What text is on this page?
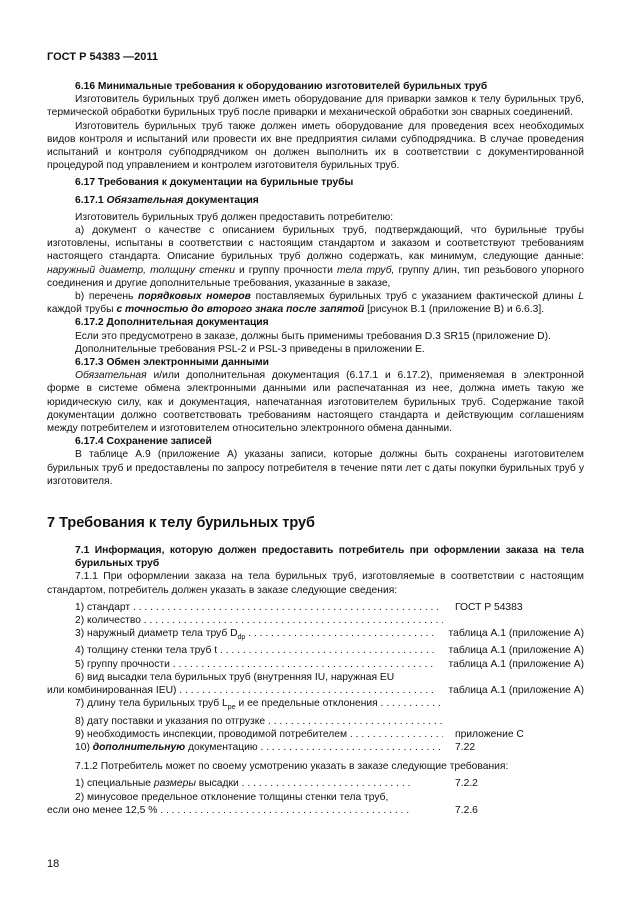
ГОСТ Р 54383 —2011

6.16 Минимальные требования к оборудованию изготовителей бурильных труб

Изготовитель бурильных труб должен иметь оборудование для приварки замков к телу бурильных труб, термической обработки бурильных труб после приварки и механической обработки зон сварных соединений.

Изготовитель бурильных труб также должен иметь оборудование для проведения всех необходимых видов контроля и испытаний или провести их вне предприятия силами субподрядчика. В случае проведения испытаний и контроля субподрядчиком он должен выполнить их в соответствии с документированной процедурой под управлением и контролем изготовителя бурильных труб.

6.17 Требования к документации на бурильные трубы

6.17.1 Обязательная документация

Изготовитель бурильных труб должен предоставить потребителю:

а) документ о качестве с описанием бурильных труб, подтверждающий, что бурильные трубы изготовлены, испытаны в соответствии с настоящим стандартом и заказом и соответствуют требованиям настоящего стандарта. Описание бурильных труб должно содержать, как минимум, следующие данные: наружный диаметр, толщину стенки и группу прочности тела труб, группу длин, тип резьбового упорного соединения и другие дополнительные требования, указанные в заказе,

b) перечень порядковых номеров поставляемых бурильных труб с указанием фактической длины L каждой трубы с точностью до второго знака после запятой [рисунок В.1 (приложение В) и 6.6.3].

6.17.2 Дополнительная документация

Если это предусмотрено в заказе, должны быть применимы требования D.3 SR15 (приложение D).

Дополнительные требования PSL-2 и PSL-3 приведены в приложении Е.

6.17.3 Обмен электронными данными

Обязательная и/или дополнительная документация (6.17.1 и 6.17.2), применяемая в электронной форме в системе обмена электронными данными или распечатанная из нее, должна иметь такую же юридическую силу, как и документация, напечатанная изготовителем бурильных труб. Содержание такой документации должно соответствовать требованиям настоящего стандарта и действующим соглашениям между потребителем и изготовителем относительно электронного обмена данными.

6.17.4 Сохранение записей

В таблице А.9 (приложение А) указаны записи, которые должны быть сохранены изготовителем бурильных труб и предоставлены по запросу потребителя в течение пяти лет с даты покупки бурильных труб у изготовителя.

7 Требования к телу бурильных труб

7.1 Информация, которую должен предоставить потребитель при оформлении заказа на тела бурильных труб

7.1.1 При оформлении заказа на тела бурильных труб, изготовляемые в соответствии с настоящим стандартом, потребитель должен указать в заказе следующие сведения:

1) стандарт . . .	ГОСТ Р 54383
2) количество . . .
3) наружный диаметр тела труб $D_{dp}$ . . .	таблица А.1 (приложение А)
4) толщину стенки тела труб t . . .	таблица А.1 (приложение А)
5) группу прочности . . .	таблица А.1 (приложение А)
6) вид высадки тела бурильных труб (внутренняя IU, наружная EU
или комбинированная IEU) . . .	таблица А.1 (приложение А)
7) длину тела бурильных труб $L_{pe}$ и ее предельные отклонения . . .
8) дату поставки и указания по отгрузке . . .
9) необходимость инспекции, проводимой потребителем . . .	приложение С
10) дополнительную документацию . . .	7.22

7.1.2 Потребитель может по своему усмотрению указать в заказе следующие требования:

1) специальные размеры высадки . . .	7.2.2
2) минусовое предельное отклонение толщины стенки тела труб,
если оно менее 12,5 % . . .	7.2.6
18
